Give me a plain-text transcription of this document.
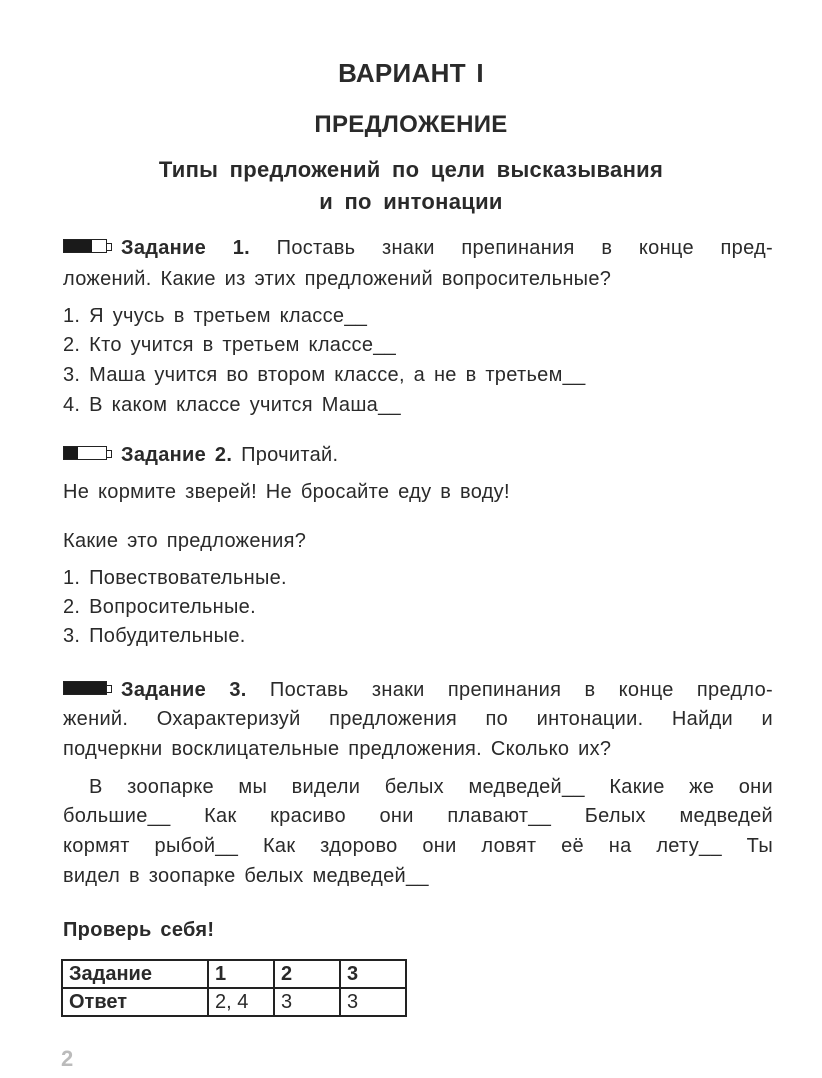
ВАРИАНТ I
ПРЕДЛОЖЕНИЕ
Типы предложений по цели высказывания
и по интонации
Задание 1. Поставь знаки препинания в конце пред-
ложений. Какие из этих предложений вопросительные?
1. Я учусь в третьем классе__
2. Кто учится в третьем классе__
3. Маша учится во втором классе, а не в третьем__
4. В каком классе учится Маша__
Задание 2. Прочитай.
Не кормите зверей! Не бросайте еду в воду!
Какие это предложения?
1. Повествовательные.
2. Вопросительные.
3. Побудительные.
Задание 3. Поставь знаки препинания в конце предло-
жений. Охарактеризуй предложения по интонации. Найди и
подчеркни восклицательные предложения. Сколько их?
В зоопарке мы видели белых медведей__ Какие же они
большие__ Как красиво они плавают__ Белых медведей
кормят рыбой__ Как здорово они ловят её на лету__ Ты
видел в зоопарке белых медведей__
Проверь себя!
Задание	1	2	3
Ответ	2, 4	3	3
2
